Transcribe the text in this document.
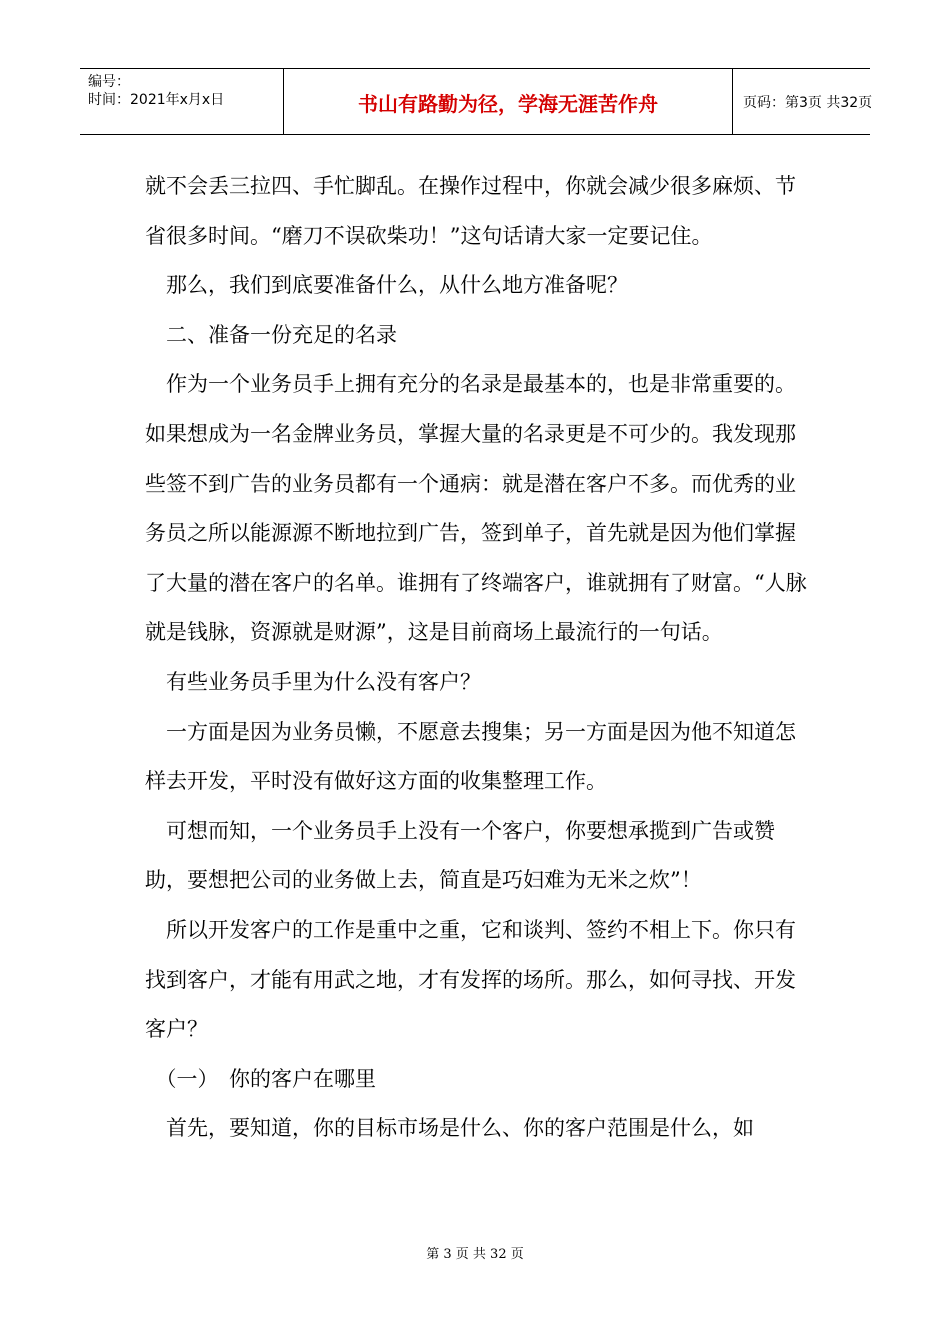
编号：
时间：2021年x月x日	书山有路勤为径，学海无涯苦作舟	页码：第3页 共32页

就不会丢三拉四、手忙脚乱。在操作过程中，你就会减少很多麻烦、节省很多时间。“磨刀不误砍柴功！”这句话请大家一定要记住。

　那么，我们到底要准备什么，从什么地方准备呢？

　二、准备一份充足的名录

　作为一个业务员手上拥有充分的名录是最基本的，也是非常重要的。如果想成为一名金牌业务员，掌握大量的名录更是不可少的。我发现那些签不到广告的业务员都有一个通病：就是潜在客户不多。而优秀的业务员之所以能源源不断地拉到广告，签到单子，首先就是因为他们掌握了大量的潜在客户的名单。谁拥有了终端客户，谁就拥有了财富。“人脉就是钱脉，资源就是财源”，这是目前商场上最流行的一句话。

　有些业务员手里为什么没有客户？

　一方面是因为业务员懒，不愿意去搜集；另一方面是因为他不知道怎样去开发，平时没有做好这方面的收集整理工作。

　可想而知，一个业务员手上没有一个客户，你要想承揽到广告或赞助，要想把公司的业务做上去，简直是巧妇难为无米之炊”！

　所以开发客户的工作是重中之重，它和谈判、签约不相上下。你只有找到客户，才能有用武之地，才有发挥的场所。那么，如何寻找、开发客户？

　（一）　你的客户在哪里

　首先，要知道，你的目标市场是什么、你的客户范围是什么，如

第 3 页 共 32 页
